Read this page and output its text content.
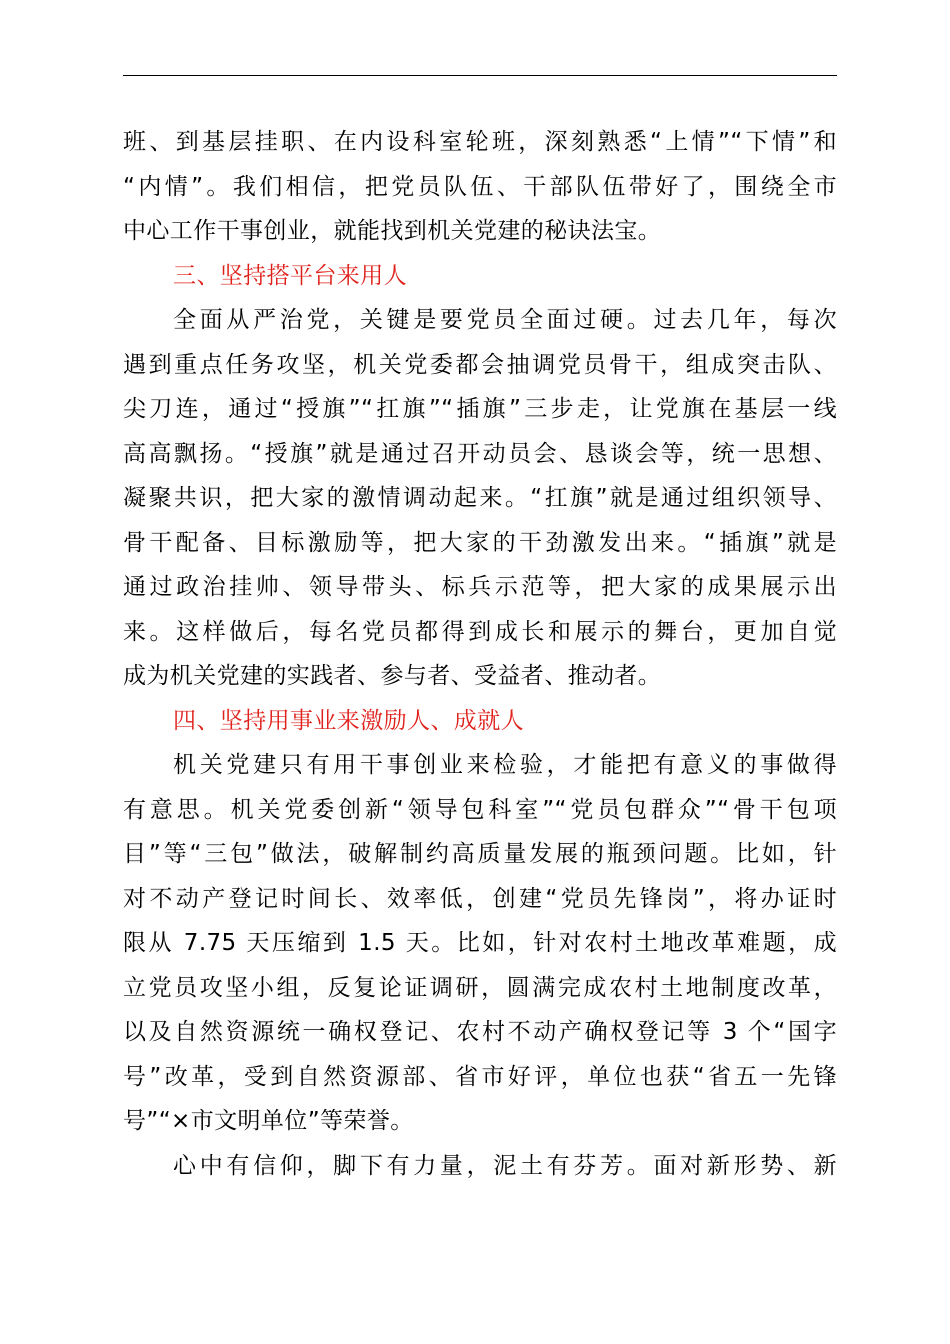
班、到基层挂职、在内设科室轮班，深刻熟悉“上情”“下情”和
“内情”。我们相信，把党员队伍、干部队伍带好了，围绕全市
中心工作干事创业，就能找到机关党建的秘诀法宝。
三、坚持搭平台来用人
全面从严治党，关键是要党员全面过硬。过去几年，每次
遇到重点任务攻坚，机关党委都会抽调党员骨干，组成突击队、
尖刀连，通过“授旗”“扛旗”“插旗”三步走，让党旗在基层一线
高高飘扬。“授旗”就是通过召开动员会、恳谈会等，统一思想、
凝聚共识，把大家的激情调动起来。“扛旗”就是通过组织领导、
骨干配备、目标激励等，把大家的干劲激发出来。“插旗”就是
通过政治挂帅、领导带头、标兵示范等，把大家的成果展示出
来。这样做后，每名党员都得到成长和展示的舞台，更加自觉
成为机关党建的实践者、参与者、受益者、推动者。
四、坚持用事业来激励人、成就人
机关党建只有用干事创业来检验，才能把有意义的事做得
有意思。机关党委创新“领导包科室”“党员包群众”“骨干包项
目”等“三包”做法，破解制约高质量发展的瓶颈问题。比如，针
对不动产登记时间长、效率低，创建“党员先锋岗”，将办证时
限从 7.75 天压缩到 1.5 天。比如，针对农村土地改革难题，成
立党员攻坚小组，反复论证调研，圆满完成农村土地制度改革，
以及自然资源统一确权登记、农村不动产确权登记等 3 个“国字
号”改革，受到自然资源部、省市好评，单位也获“省五一先锋
号”“×市文明单位”等荣誉。
心中有信仰，脚下有力量，泥土有芬芳。面对新形势、新
